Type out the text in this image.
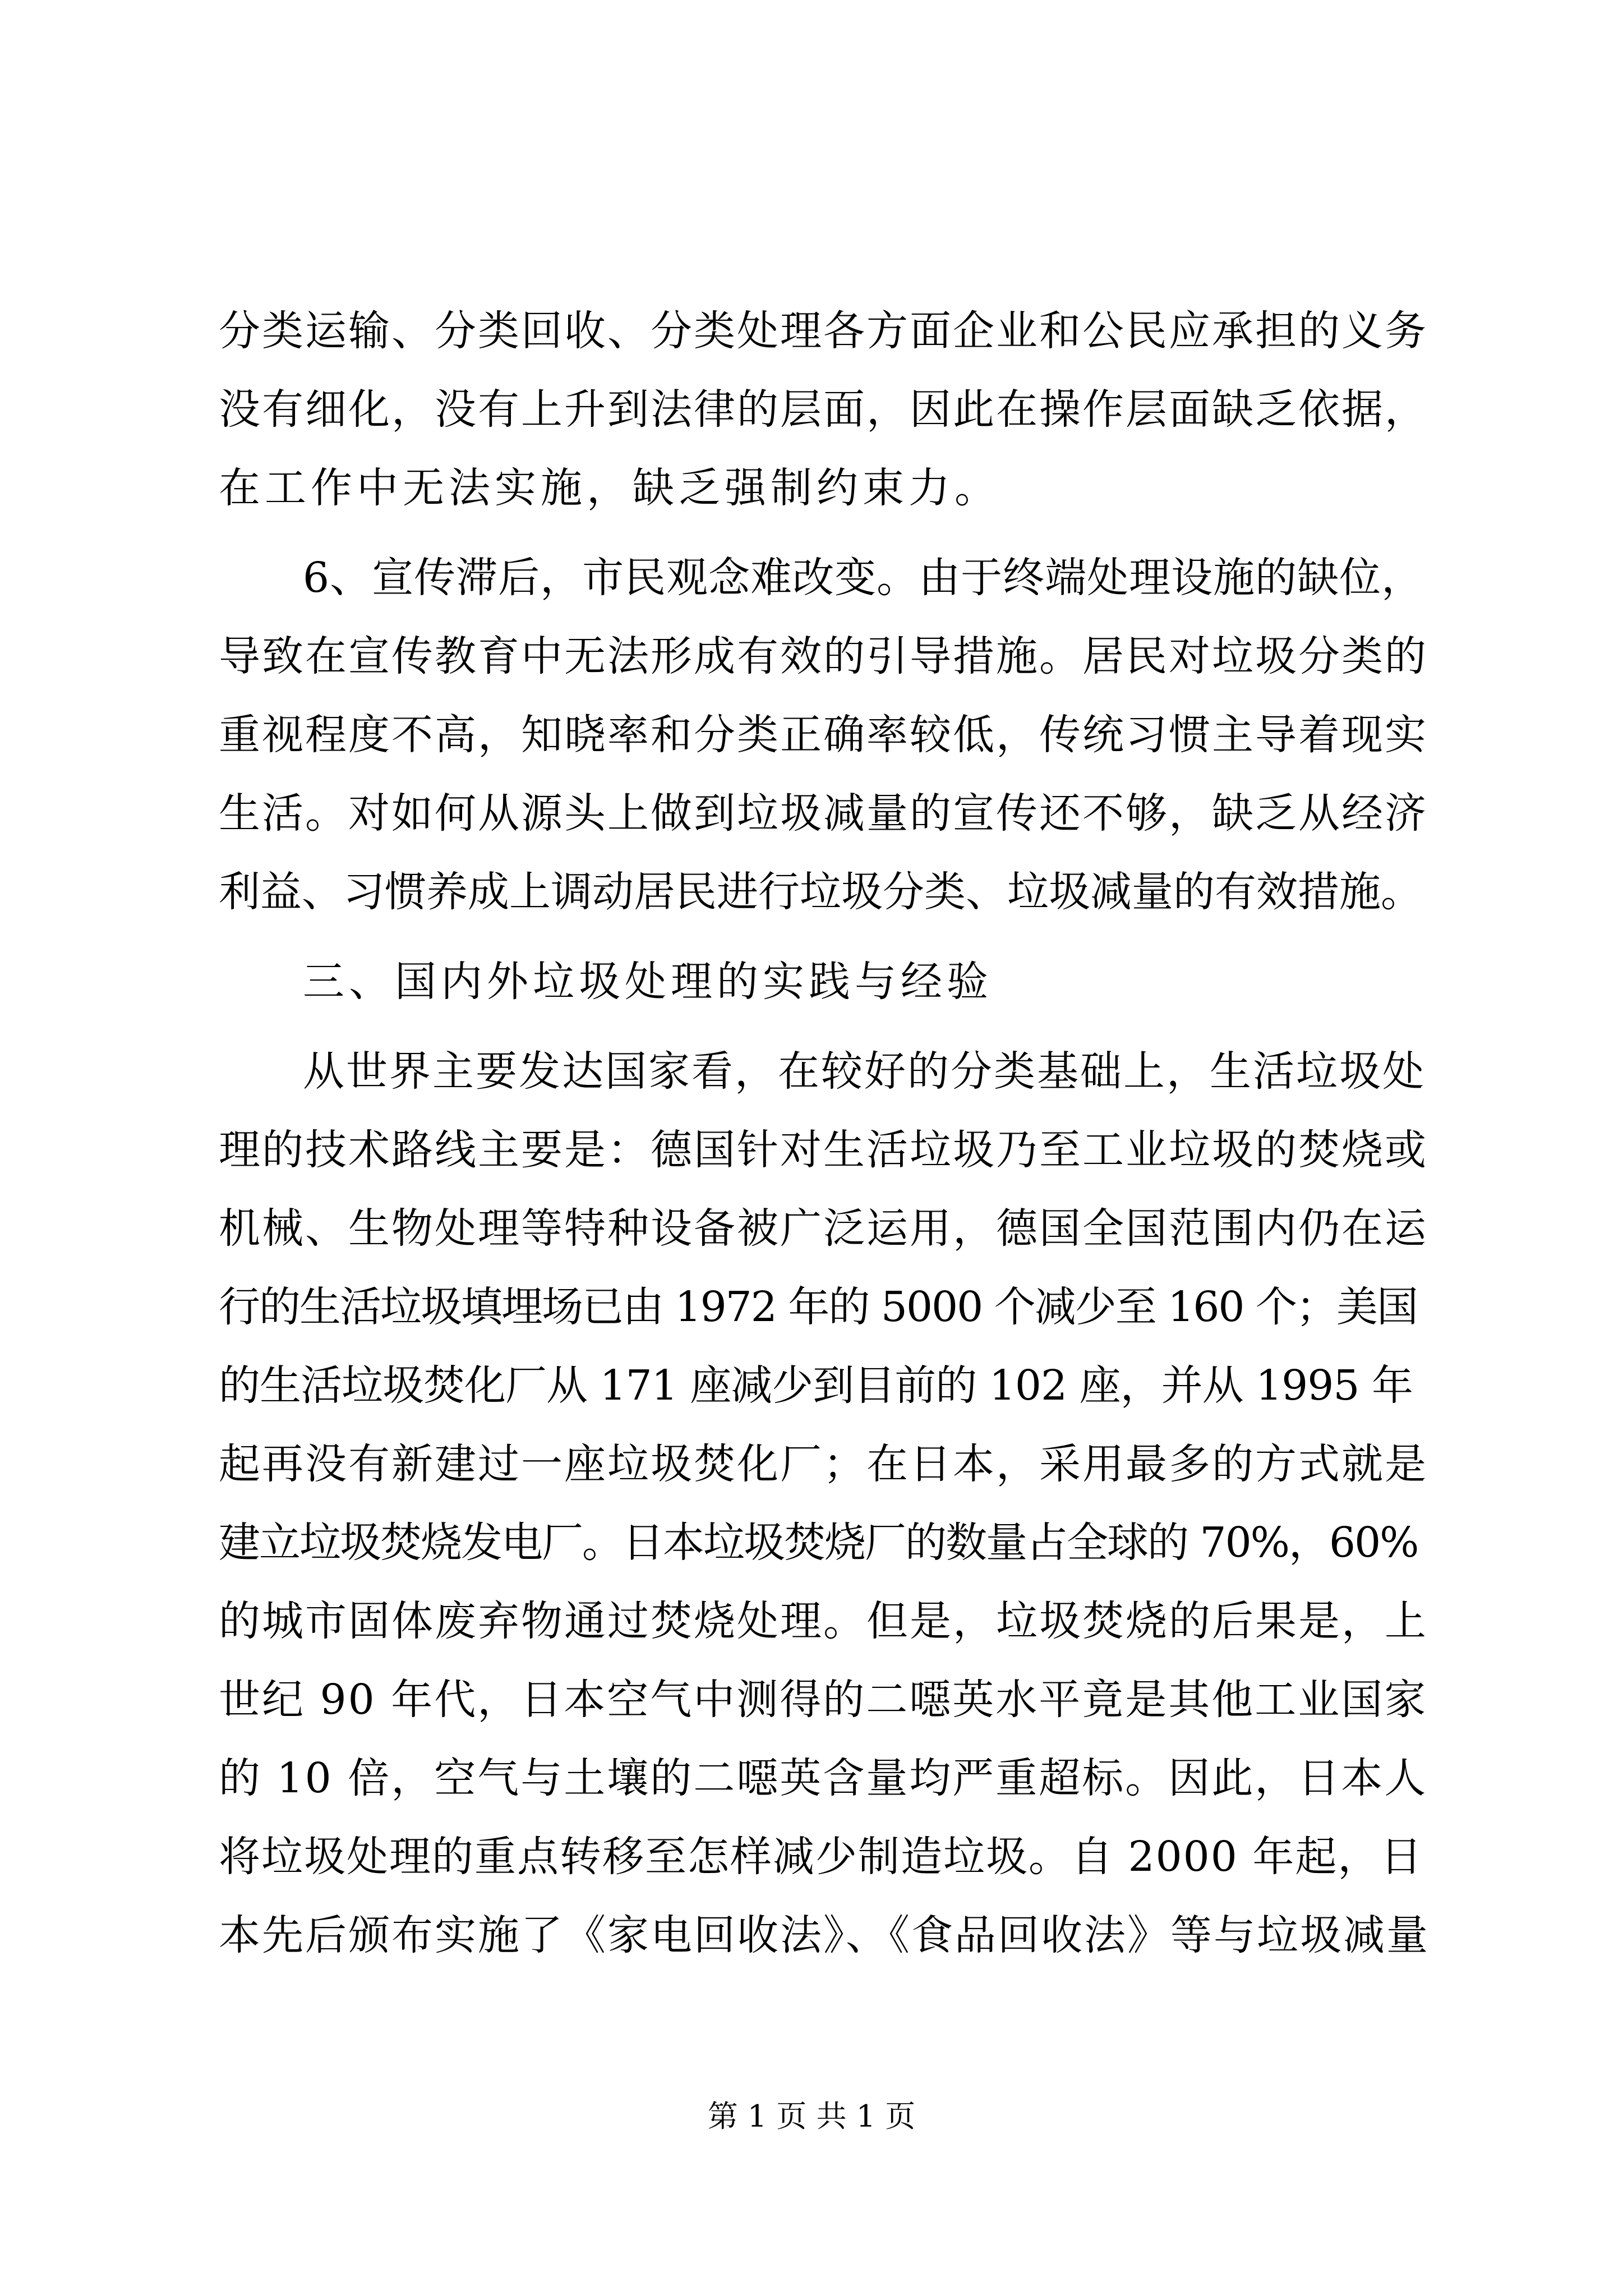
分类运输、分类回收、分类处理各方面企业和公民应承担的义务
没有细化，没有上升到法律的层面，因此在操作层面缺乏依据，
在工作中无法实施，缺乏强制约束力。
6、宣传滞后，市民观念难改变。由于终端处理设施的缺位，
导致在宣传教育中无法形成有效的引导措施。居民对垃圾分类的
重视程度不高，知晓率和分类正确率较低，传统习惯主导着现实
生活。对如何从源头上做到垃圾减量的宣传还不够，缺乏从经济
利益、习惯养成上调动居民进行垃圾分类、垃圾减量的有效措施。
三、国内外垃圾处理的实践与经验
从世界主要发达国家看，在较好的分类基础上，生活垃圾处
理的技术路线主要是：德国针对生活垃圾乃至工业垃圾的焚烧或
机械、生物处理等特种设备被广泛运用，德国全国范围内仍在运
行的生活垃圾填埋场已由 1972 年的 5000 个减少至 160 个；美国
的生活垃圾焚化厂从 171 座减少到目前的 102 座，并从 1995 年
起再没有新建过一座垃圾焚化厂；在日本，采用最多的方式就是
建立垃圾焚烧发电厂。日本垃圾焚烧厂的数量占全球的 70%，60%
的城市固体废弃物通过焚烧处理。但是，垃圾焚烧的后果是，上
世纪 90 年代，日本空气中测得的二噁英水平竟是其他工业国家
的 10 倍，空气与土壤的二噁英含量均严重超标。因此，日本人
将垃圾处理的重点转移至怎样减少制造垃圾。自 2000 年起，日
本先后颁布实施了《家电回收法》、《食品回收法》等与垃圾减量
第 1 页 共 1 页
